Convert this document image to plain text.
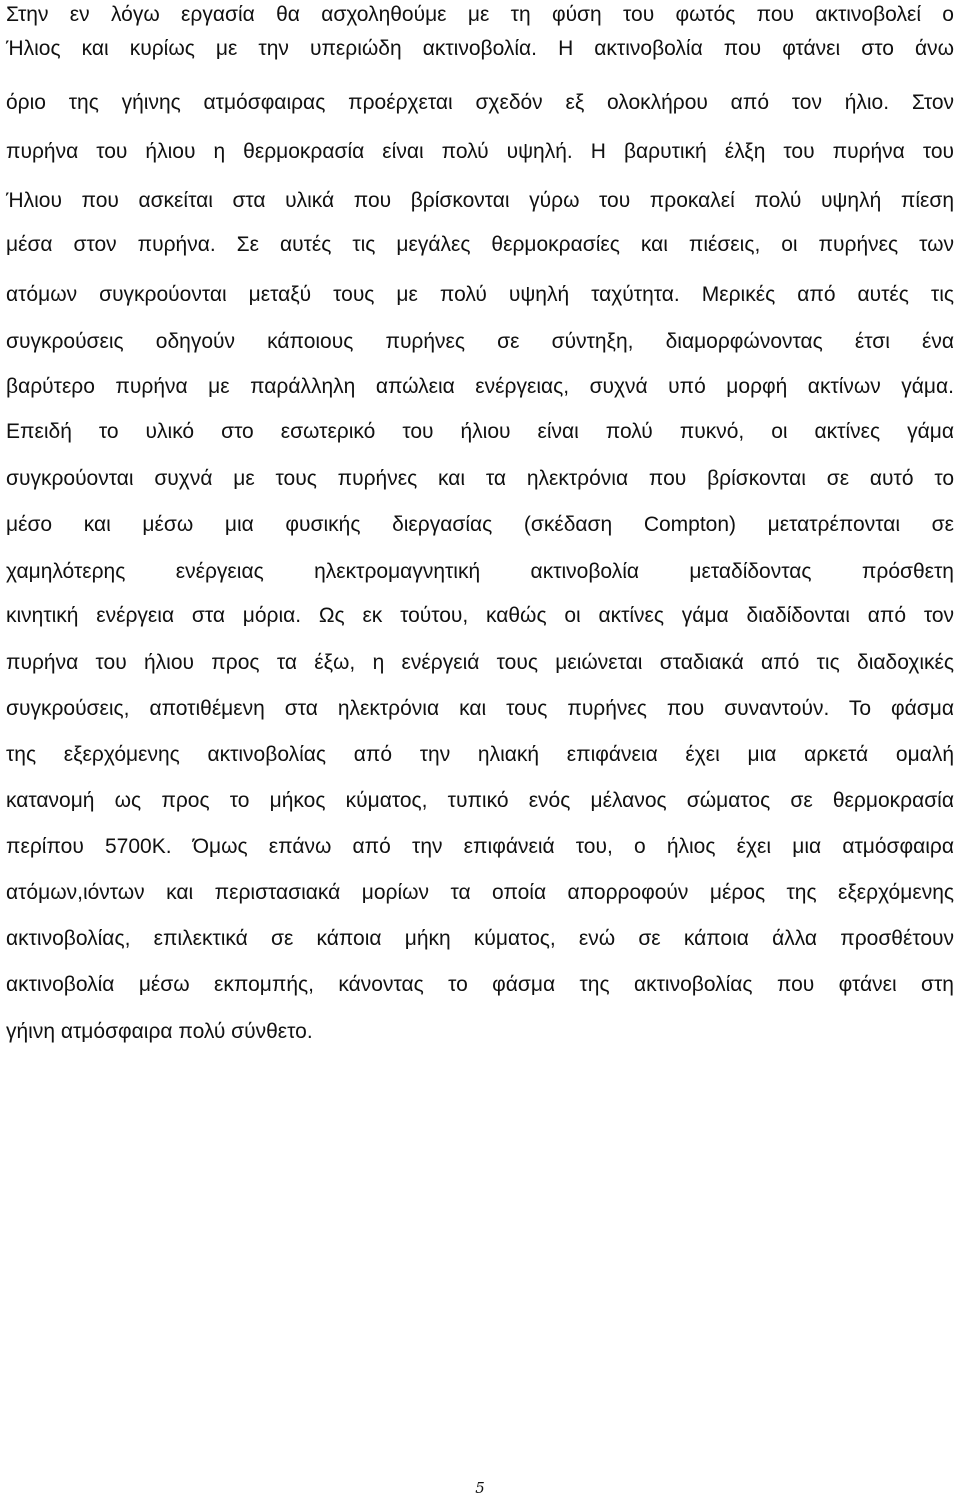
Στην εν λόγω εργασία θα ασχοληθούμε με τη φύση του φωτός που ακτινοβολεί ο
Ήλιος και κυρίως με την υπεριώδη ακτινοβολία. Η ακτινοβολία που φτάνει στο άνω
όριο της γήινης ατμόσφαιρας προέρχεται σχεδόν εξ ολοκλήρου από τον ήλιο. Στον
πυρήνα του ήλιου η θερμοκρασία είναι πολύ υψηλή. Η βαρυτική έλξη του πυρήνα του
Ήλιου που ασκείται στα υλικά που βρίσκονται γύρω του προκαλεί πολύ υψηλή πίεση
μέσα στον πυρήνα. Σε αυτές τις μεγάλες θερμοκρασίες και πιέσεις, οι πυρήνες των
ατόμων συγκρούονται μεταξύ τους με πολύ υψηλή ταχύτητα. Μερικές από αυτές τις
συγκρούσεις οδηγούν κάποιους πυρήνες σε σύντηξη, διαμορφώνοντας έτσι ένα
βαρύτερο πυρήνα με παράλληλη απώλεια ενέργειας, συχνά υπό μορφή ακτίνων γάμα.
Επειδή το υλικό στο εσωτερικό του ήλιου είναι πολύ πυκνό, οι ακτίνες γάμα
συγκρούονται συχνά με τους πυρήνες και τα ηλεκτρόνια που βρίσκονται σε αυτό το
μέσο και μέσω μια φυσικής διεργασίας (σκέδαση Compton) μετατρέπονται σε
χαμηλότερης ενέργειας ηλεκτρομαγνητική ακτινοβολία μεταδίδοντας πρόσθετη
κινητική ενέργεια στα μόρια. Ως εκ τούτου, καθώς οι ακτίνες γάμα διαδίδονται από τον
πυρήνα του ήλιου προς τα έξω, η ενέργειά τους μειώνεται σταδιακά από τις διαδοχικές
συγκρούσεις, αποτιθέμενη στα ηλεκτρόνια και τους πυρήνες που συναντούν. Το φάσμα
της εξερχόμενης ακτινοβολίας από την ηλιακή επιφάνεια έχει μια αρκετά ομαλή
κατανομή ως προς το μήκος κύματος, τυπικό ενός μέλανος σώματος σε θερμοκρασία
περίπου 5700Κ. Όμως επάνω από την επιφάνειά του, ο ήλιος έχει μια ατμόσφαιρα
ατόμων,ιόντων και περιστασιακά μορίων τα οποία απορροφούν μέρος της εξερχόμενης
ακτινοβολίας, επιλεκτικά σε κάποια μήκη κύματος, ενώ σε κάποια άλλα προσθέτουν
ακτινοβολία μέσω εκπομπής, κάνοντας το φάσμα της ακτινοβολίας που φτάνει στη
γήινη ατμόσφαιρα πολύ σύνθετο.
5
